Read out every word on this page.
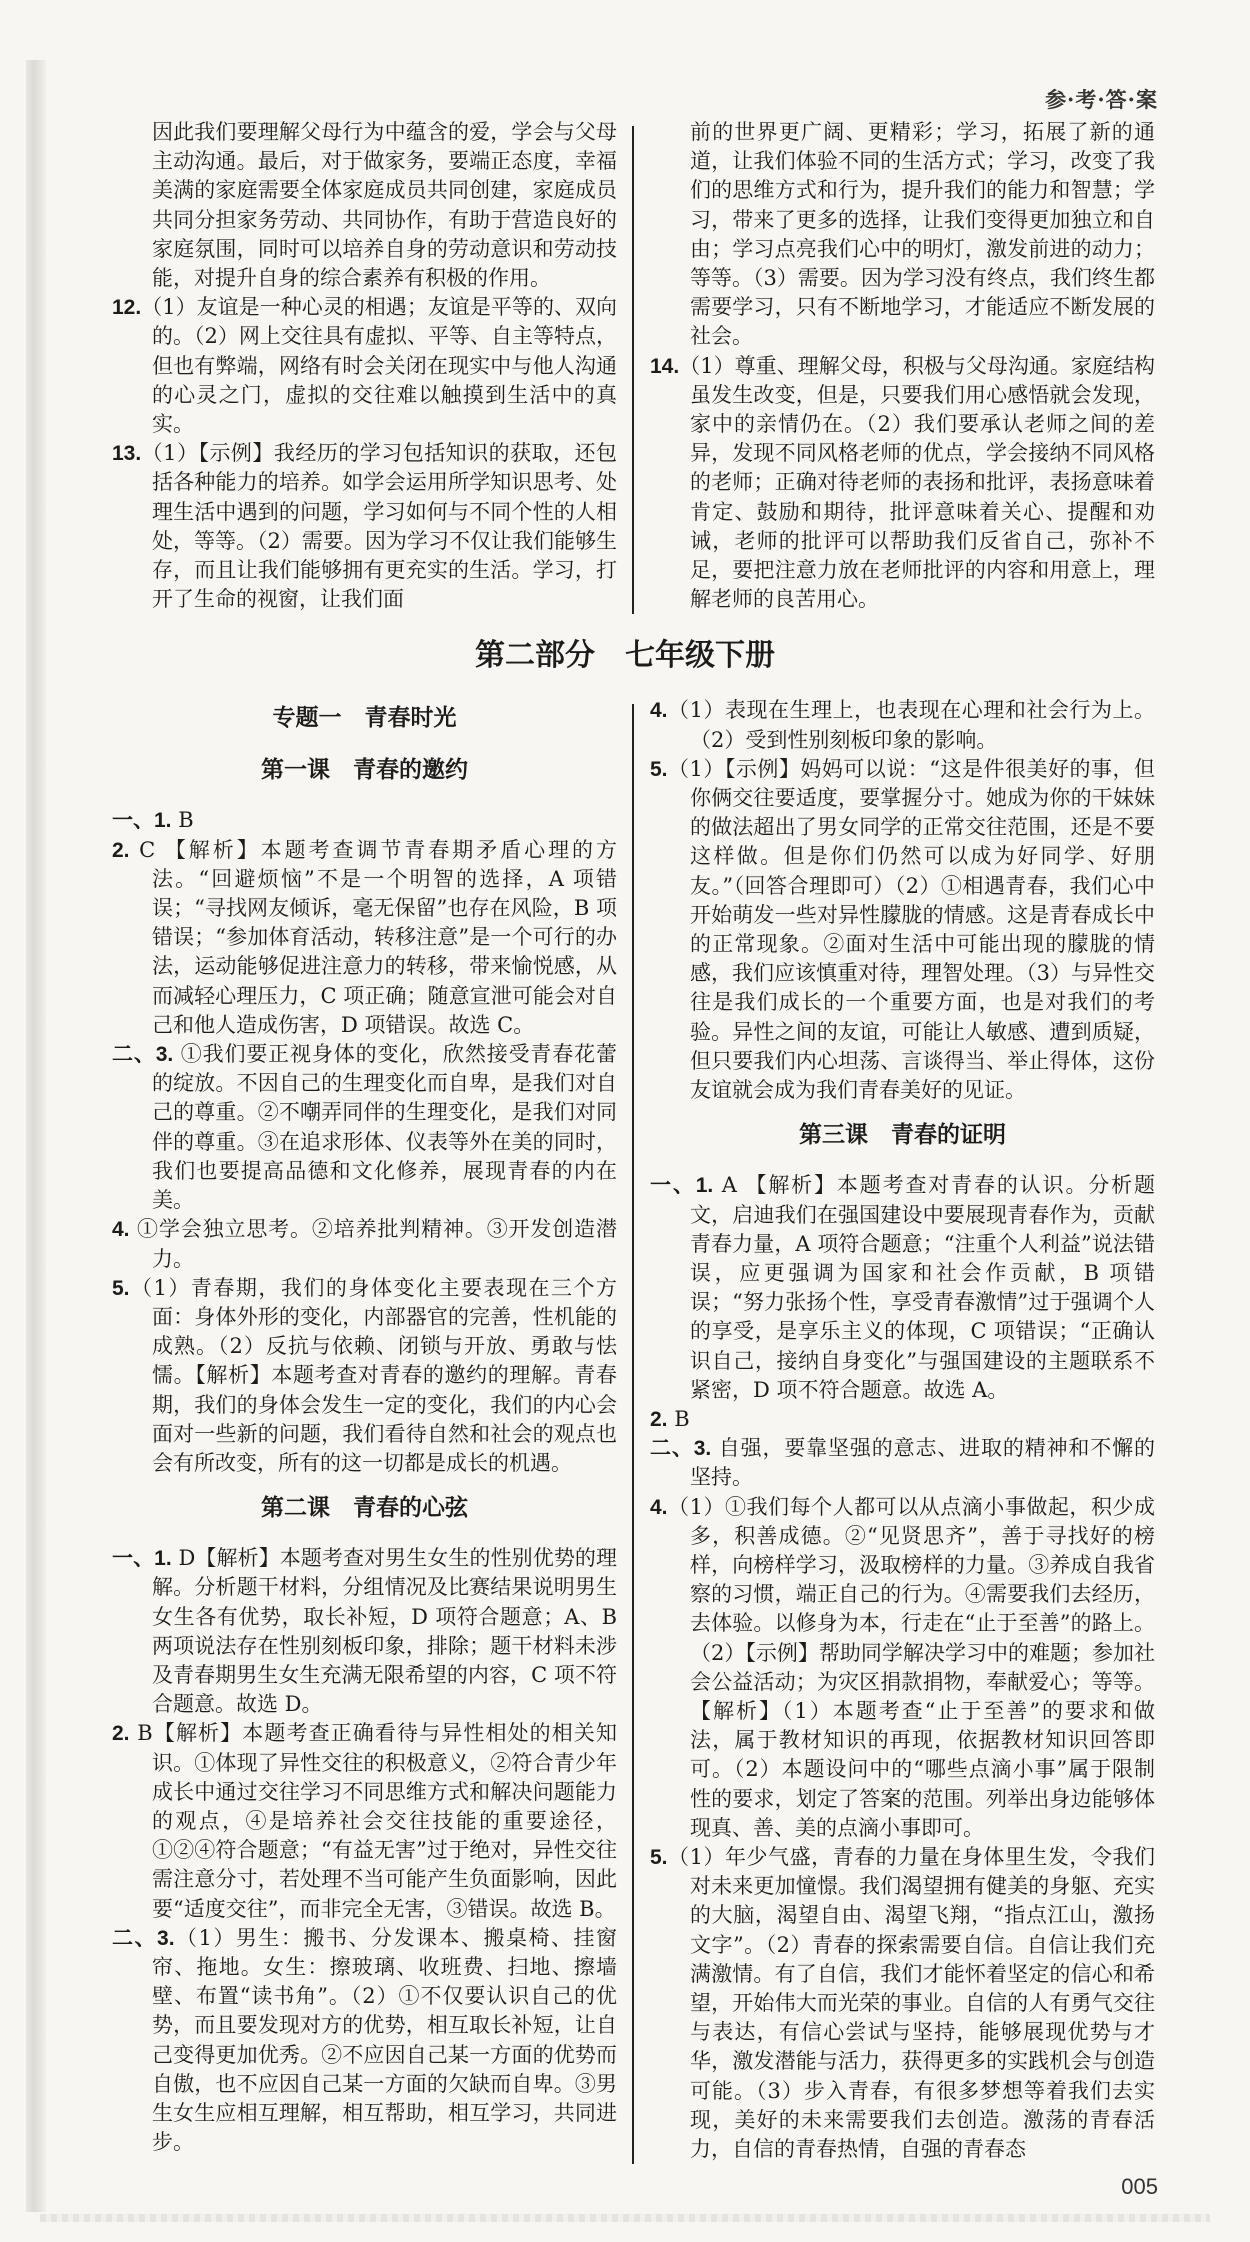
参·考·答·案

因此我们要理解父母行为中蕴含的爱，学会与父母主动沟通。最后，对于做家务，要端正态度，幸福美满的家庭需要全体家庭成员共同创建，家庭成员共同分担家务劳动、共同协作，有助于营造良好的家庭氛围，同时可以培养自身的劳动意识和劳动技能，对提升自身的综合素养有积极的作用。

12.（1）友谊是一种心灵的相遇；友谊是平等的、双向的。（2）网上交往具有虚拟、平等、自主等特点，但也有弊端，网络有时会关闭在现实中与他人沟通的心灵之门，虚拟的交往难以触摸到生活中的真实。

13.（1）【示例】我经历的学习包括知识的获取，还包括各种能力的培养。如学会运用所学知识思考、处理生活中遇到的问题，学习如何与不同个性的人相处，等等。（2）需要。因为学习不仅让我们能够生存，而且让我们能够拥有更充实的生活。学习，打开了生命的视窗，让我们面

前的世界更广阔、更精彩；学习，拓展了新的通道，让我们体验不同的生活方式；学习，改变了我们的思维方式和行为，提升我们的能力和智慧；学习，带来了更多的选择，让我们变得更加独立和自由；学习点亮我们心中的明灯，激发前进的动力；等等。（3）需要。因为学习没有终点，我们终生都需要学习，只有不断地学习，才能适应不断发展的社会。

14.（1）尊重、理解父母，积极与父母沟通。家庭结构虽发生改变，但是，只要我们用心感悟就会发现，家中的亲情仍在。（2）我们要承认老师之间的差异，发现不同风格老师的优点，学会接纳不同风格的老师；正确对待老师的表扬和批评，表扬意味着肯定、鼓励和期待，批评意味着关心、提醒和劝诫，老师的批评可以帮助我们反省自己，弥补不足，要把注意力放在老师批评的内容和用意上，理解老师的良苦用心。

第二部分　七年级下册
专题一　青春时光
第一课　青春的邀约

一、1. B

2. C 【解析】本题考查调节青春期矛盾心理的方法。“回避烦恼”不是一个明智的选择，A 项错误；“寻找网友倾诉，毫无保留”也存在风险，B 项错误；“参加体育活动，转移注意”是一个可行的办法，运动能够促进注意力的转移，带来愉悦感，从而减轻心理压力，C 项正确；随意宣泄可能会对自己和他人造成伤害，D 项错误。故选 C。

二、3. ①我们要正视身体的变化，欣然接受青春花蕾的绽放。不因自己的生理变化而自卑，是我们对自己的尊重。②不嘲弄同伴的生理变化，是我们对同伴的尊重。③在追求形体、仪表等外在美的同时，我们也要提高品德和文化修养，展现青春的内在美。

4. ①学会独立思考。②培养批判精神。③开发创造潜力。

5.（1）青春期，我们的身体变化主要表现在三个方面：身体外形的变化，内部器官的完善，性机能的成熟。（2）反抗与依赖、闭锁与开放、勇敢与怯懦。【解析】本题考查对青春的邀约的理解。青春期，我们的身体会发生一定的变化，我们的内心会面对一些新的问题，我们看待自然和社会的观点也会有所改变，所有的这一切都是成长的机遇。

第二课　青春的心弦

一、1. D【解析】本题考查对男生女生的性别优势的理解。分析题干材料，分组情况及比赛结果说明男生女生各有优势，取长补短，D 项符合题意；A、B 两项说法存在性别刻板印象，排除；题干材料未涉及青春期男生女生充满无限希望的内容，C 项不符合题意。故选 D。

2. B【解析】本题考查正确看待与异性相处的相关知识。①体现了异性交往的积极意义，②符合青少年成长中通过交往学习不同思维方式和解决问题能力的观点，④是培养社会交往技能的重要途径，①②④符合题意；“有益无害”过于绝对，异性交往需注意分寸，若处理不当可能产生负面影响，因此要“适度交往”，而非完全无害，③错误。故选 B。

二、3.（1）男生：搬书、分发课本、搬桌椅、挂窗帘、拖地。女生：擦玻璃、收班费、扫地、擦墙壁、布置“读书角”。（2）①不仅要认识自己的优势，而且要发现对方的优势，相互取长补短，让自己变得更加优秀。②不应因自己某一方面的优势而自傲，也不应因自己某一方面的欠缺而自卑。③男生女生应相互理解，相互帮助，相互学习，共同进步。

4.（1）表现在生理上，也表现在心理和社会行为上。（2）受到性别刻板印象的影响。

5.（1）【示例】妈妈可以说：“这是件很美好的事，但你俩交往要适度，要掌握分寸。她成为你的干妹妹的做法超出了男女同学的正常交往范围，还是不要这样做。但是你们仍然可以成为好同学、好朋友。”（回答合理即可）（2）①相遇青春，我们心中开始萌发一些对异性朦胧的情感。这是青春成长中的正常现象。②面对生活中可能出现的朦胧的情感，我们应该慎重对待，理智处理。（3）与异性交往是我们成长的一个重要方面，也是对我们的考验。异性之间的友谊，可能让人敏感、遭到质疑，但只要我们内心坦荡、言谈得当、举止得体，这份友谊就会成为我们青春美好的见证。

第三课　青春的证明

一、1. A 【解析】本题考查对青春的认识。分析题文，启迪我们在强国建设中要展现青春作为，贡献青春力量，A 项符合题意；“注重个人利益”说法错误，应更强调为国家和社会作贡献，B 项错误；“努力张扬个性，享受青春激情”过于强调个人的享受，是享乐主义的体现，C 项错误；“正确认识自己，接纳自身变化”与强国建设的主题联系不紧密，D 项不符合题意。故选 A。

2. B

二、3. 自强，要靠坚强的意志、进取的精神和不懈的坚持。

4.（1）①我们每个人都可以从点滴小事做起，积少成多，积善成德。②“见贤思齐”，善于寻找好的榜样，向榜样学习，汲取榜样的力量。③养成自我省察的习惯，端正自己的行为。④需要我们去经历，去体验。以修身为本，行走在“止于至善”的路上。（2）【示例】帮助同学解决学习中的难题；参加社会公益活动；为灾区捐款捐物，奉献爱心；等等。【解析】（1）本题考查“止于至善”的要求和做法，属于教材知识的再现，依据教材知识回答即可。（2）本题设问中的“哪些点滴小事”属于限制性的要求，划定了答案的范围。列举出身边能够体现真、善、美的点滴小事即可。

5.（1）年少气盛，青春的力量在身体里生发，令我们对未来更加憧憬。我们渴望拥有健美的身躯、充实的大脑，渴望自由、渴望飞翔，“指点江山，激扬文字”。（2）青春的探索需要自信。自信让我们充满激情。有了自信，我们才能怀着坚定的信心和希望，开始伟大而光荣的事业。自信的人有勇气交往与表达，有信心尝试与坚持，能够展现优势与才华，激发潜能与活力，获得更多的实践机会与创造可能。（3）步入青春，有很多梦想等着我们去实现，美好的未来需要我们去创造。激荡的青春活力，自信的青春热情，自强的青春态

005
